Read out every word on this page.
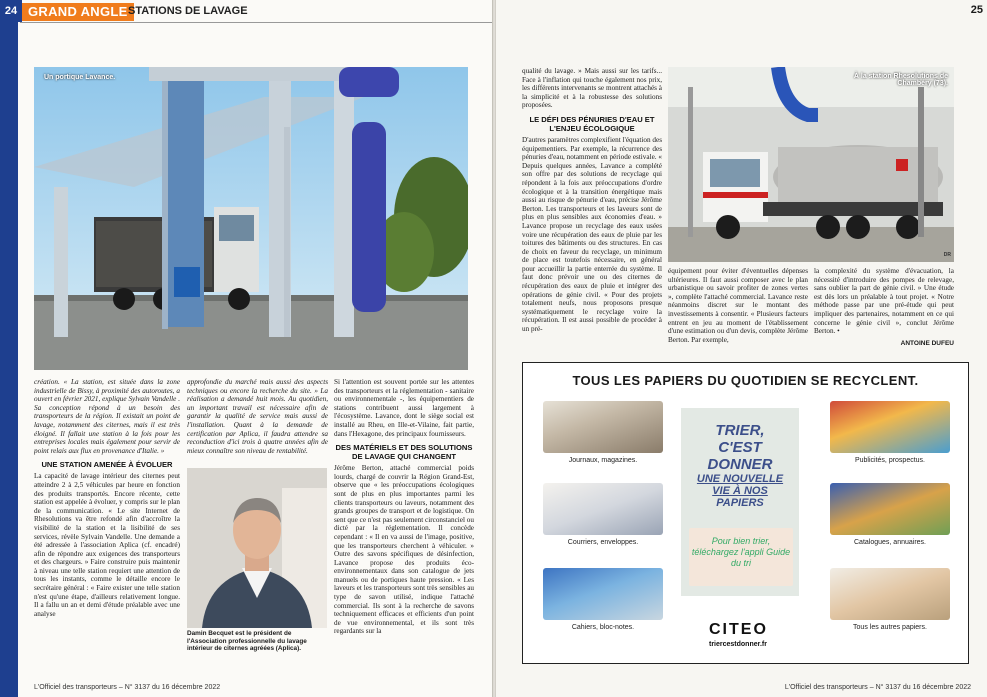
24 GRAND ANGLE STATIONS DE LAVAGE
Un portique Lavance.

création. « La station, est située dans la zone industrielle de Bissy, à proximité des autoroutes, a ouvert en février 2021, explique Sylvain Vandelle . Sa conception répond à un besoin des transporteurs de la région. Il existait un point de lavage, notamment des citernes, mais il est très éloigné. Il fallait une station à la fois pour les entreprises locales mais également pour servir de point relais aux flux en provenance d'Italie. »

UNE STATION AMENÉE À ÉVOLUER

La capacité de lavage intérieur des citernes peut atteindre 2 à 2,5 véhicules par heure en fonction des produits transportés. Encore récente, cette station est appelée à évoluer, y compris sur le plan de la communication. « Le site Internet de Rhesolutions va être refondé afin d'accroître la visibilité de la station et la lisibilité de ses services, révèle Sylvain Vandelle. Une demande a été adressée à l'association Aplica (cf. encadré) afin de répondre aux exigences des transporteurs et des chargeurs. » Faire construire puis maintenir à niveau une telle station requiert une attention de tous les instants, comme le détaille encore le secrétaire général : « Faire exister une telle station n'est qu'une étape, d'ailleurs relativement longue. Il a fallu un an et demi d'étude préalable avec une analyse

approfondie du marché mais aussi des aspects techniques ou encore la recherche du site. » La réalisation a demandé huit mois. Au quotidien, un important travail est nécessaire afin de garantir la qualité de service mais aussi de l'installation. Quant à la demande de certification par Aplica, il faudra attendre sa reconduction d'ici trois à quatre années afin de mieux connaître son niveau de rentabilité.

Damin Becquet est le président de l'Association professionnelle du lavage intérieur de citernes agréées (Aplica).

Si l'attention est souvent portée sur les attentes des transporteurs et la réglementation - sanitaire ou environnementale -, les équipementiers de stations contribuent aussi largement à l'écosystème. Lavance, dont le siège social est installé au Rheu, en Ille-et-Vilaine, fait partie, dans l'Hexagone, des principaux fournisseurs.

DES MATÉRIELS ET DES SOLUTIONS DE LAVAGE QUI CHANGENT

Jérôme Berton, attaché commercial poids lourds, chargé de couvrir la Région Grand-Est, observe que « les préoccupations écologiques sont de plus en plus importantes parmi les clients transporteurs ou laveurs, notamment des grands groupes de transport et de logistique. On sent que ce n'est pas seulement circonstanciel ou dicté par la réglementation. Il concède cependant : « Il en va aussi de l'image, positive, que les transporteurs cherchent à véhiculer. » Outre des savons spécifiques de désinfection, Lavance propose des produits éco-environnementaux dans son catalogue de jets manuels ou de portiques haute pression. « Les laveurs et les transporteurs sont très sensibles au type de savon utilisé, indique l'attaché commercial. Ils sont à la recherche de savons techniquement efficaces et efficients d'un point de vue environnemental, et ils sont très regardants sur la

L'Officiel des transporteurs – N° 3137 du 16 décembre 2022
25

qualité du lavage. » Mais aussi sur les tarifs... Face à l'inflation qui touche également nos prix, les différents intervenants se montrent attachés à la simplicité et à la robustesse des solutions proposées.

LE DÉFI DES PÉNURIES D'EAU ET L'ENJEU ÉCOLOGIQUE

D'autres paramètres complexifient l'équation des équipementiers. Par exemple, la récurrence des pénuries d'eau, notamment en période estivale. « Depuis quelques années, Lavance a complété son offre par des solutions de recyclage qui répondent à la fois aux préoccupations d'ordre écologique et à la transition énergétique mais aussi au risque de pénurie d'eau, précise Jérôme Berton. Les transporteurs et les laveurs sont de plus en plus sensibles aux économies d'eau. » Lavance propose un recyclage des eaux usées voire une récupération des eaux de pluie par les toitures des bâtiments ou des structures. En cas de choix en faveur du recyclage, un minimum de place est toutefois nécessaire, en général pour accueillir la partie enterrée du système. Il faut donc prévoir une ou des citernes de récupération des eaux de pluie et intégrer des opérations de génie civil. « Pour des projets totalement neufs, nous proposons presque systématiquement le recyclage voire la récupération. Il est aussi possible de procéder à un pré-

À la station Rhesolutions de Chambéry (73).
DR

équipement pour éviter d'éventuelles dépenses ultérieures. Il faut aussi composer avec le plan urbanistique ou savoir profiter de zones vertes », complète l'attaché commercial. Lavance reste néanmoins discret sur le montant des investissements à consentir. « Plusieurs facteurs entrent en jeu au moment de l'établissement d'une estimation ou d'un devis, complète Jérôme Berton. Par exemple,

la complexité du système d'évacuation, la nécessité d'introduire des pompes de relevage, sans oublier la part de génie civil. » Une étude est dès lors un préalable à tout projet. « Notre méthode passe par une pré-étude qui peut impliquer des partenaires, notamment en ce qui concerne le génie civil », conclut Jérôme Berton. •

ANTOINE DUFEU
TOUS LES PAPIERS DU QUOTIDIEN SE RECYCLENT.
Journaux, magazines.
Courriers, enveloppes.
Cahiers, bloc-notes.
Publicités, prospectus.
Catalogues, annuaires.
Tous les autres papiers.
TRIER,
C'EST
DONNER
UNE NOUVELLE
VIE À NOS
PAPIERS
Pour bien trier, téléchargez l'appli Guide du tri
CITEO
triercestdonner.fr
L'Officiel des transporteurs – N° 3137 du 16 décembre 2022
